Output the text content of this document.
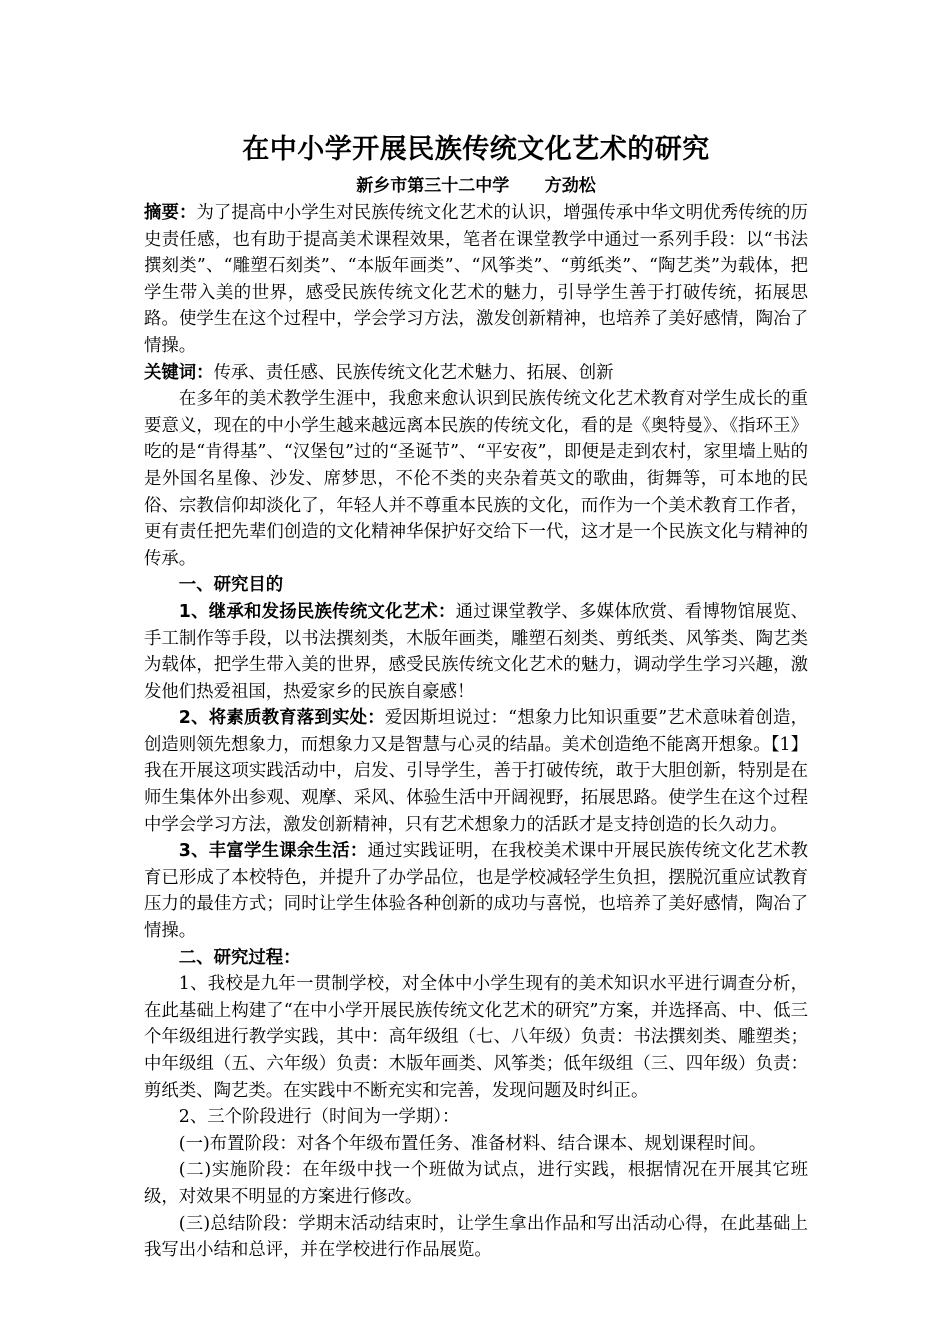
在中小学开展民族传统文化艺术的研究

新乡市第三十二中学      方劲松

摘要：为了提高中小学生对民族传统文化艺术的认识，增强传承中华文明优秀传统的历史责任感，也有助于提高美术课程效果，笔者在课堂教学中通过一系列手段：以“书法撰刻类”、“雕塑石刻类”、“本版年画类”、“风筝类”、“剪纸类”、“陶艺类”为载体，把学生带入美的世界，感受民族传统文化艺术的魅力，引导学生善于打破传统，拓展思路。使学生在这个过程中，学会学习方法，激发创新精神，也培养了美好感情，陶冶了情操。

关键词：传承、责任感、民族传统文化艺术魅力、拓展、创新

在多年的美术教学生涯中，我愈来愈认识到民族传统文化艺术教育对学生成长的重要意义，现在的中小学生越来越远离本民族的传统文化，看的是《奥特曼》、《指环王》吃的是“肯得基”、“汉堡包”过的“圣诞节”、“平安夜”，即便是走到农村，家里墙上贴的是外国名星像、沙发、席梦思，不伦不类的夹杂着英文的歌曲，街舞等，可本地的民俗、宗教信仰却淡化了，年轻人并不尊重本民族的文化，而作为一个美术教育工作者，更有责任把先辈们创造的文化精神华保护好交给下一代，这才是一个民族文化与精神的传承。

一、研究目的

1、继承和发扬民族传统文化艺术：通过课堂教学、多媒体欣赏、看博物馆展览、手工制作等手段，以书法撰刻类，木版年画类，雕塑石刻类、剪纸类、风筝类、陶艺类为载体，把学生带入美的世界，感受民族传统文化艺术的魅力，调动学生学习兴趣，激发他们热爱祖国，热爱家乡的民族自豪感！

2、将素质教育落到实处：爱因斯坦说过：“想象力比知识重要”艺术意味着创造，创造则领先想象力，而想象力又是智慧与心灵的结晶。美术创造绝不能离开想象。【1】我在开展这项实践活动中，启发、引导学生，善于打破传统，敢于大胆创新，特别是在师生集体外出参观、观摩、采风、体验生活中开阔视野，拓展思路。使学生在这个过程中学会学习方法，激发创新精神，只有艺术想象力的活跃才是支持创造的长久动力。

3、丰富学生课余生活：通过实践证明，在我校美术课中开展民族传统文化艺术教育已形成了本校特色，并提升了办学品位，也是学校减轻学生负担，摆脱沉重应试教育压力的最佳方式；同时让学生体验各种创新的成功与喜悦，也培养了美好感情，陶冶了情操。

二、研究过程：

1、我校是九年一贯制学校，对全体中小学生现有的美术知识水平进行调查分析，在此基础上构建了“在中小学开展民族传统文化艺术的研究”方案，并选择高、中、低三个年级组进行教学实践，其中：高年级组（七、八年级）负责：书法撰刻类、雕塑类；中年级组（五、六年级）负责：木版年画类、风筝类；低年级组（三、四年级）负责：剪纸类、陶艺类。在实践中不断充实和完善，发现问题及时纠正。

2、三个阶段进行（时间为一学期）：

(一)布置阶段：对各个年级布置任务、准备材料、结合课本、规划课程时间。

(二)实施阶段：在年级中找一个班做为试点，进行实践，根据情况在开展其它班级，对效果不明显的方案进行修改。

(三)总结阶段：学期末活动结束时，让学生拿出作品和写出活动心得，在此基础上我写出小结和总评，并在学校进行作品展览。
